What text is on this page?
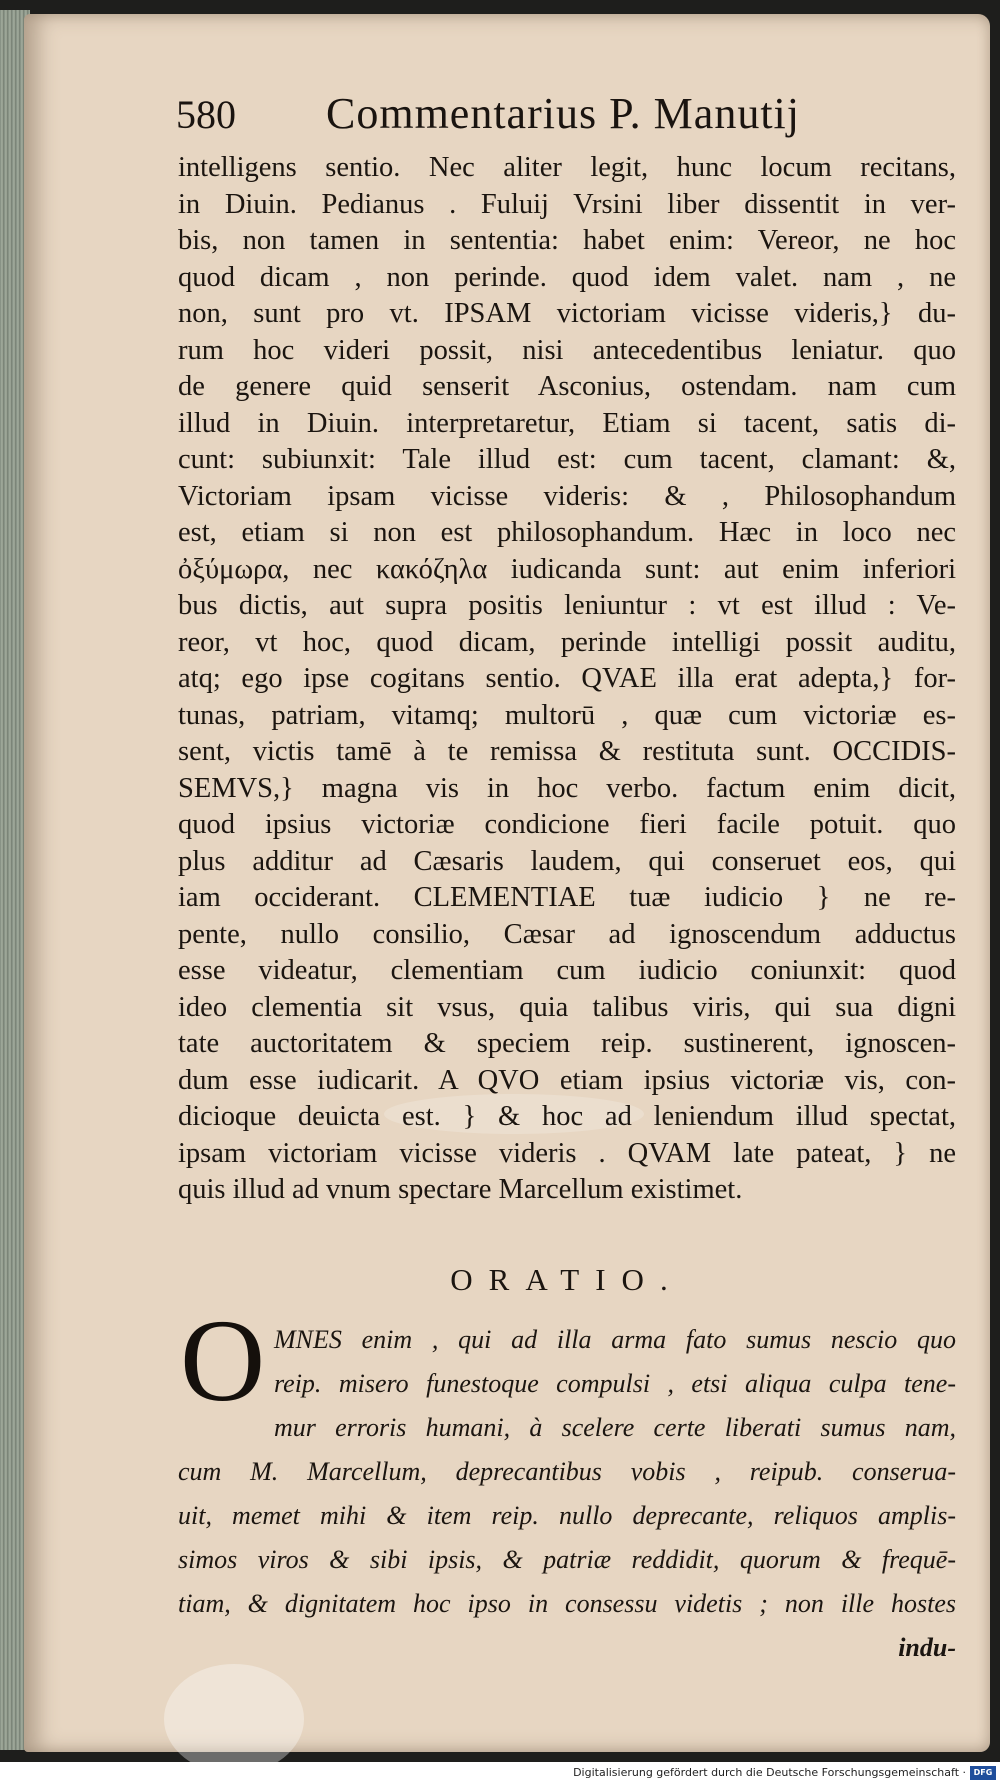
580	Commentarius P. Manutij
intelligens sentio. Nec aliter legit, hunc locum recitans,
in Diuin. Pedianus . Fuluij Vrsini liber dissentit in ver-
bis, non tamen in sententia: habet enim: Vereor, ne hoc
quod dicam , non perinde. quod idem valet. nam , ne
non, sunt pro vt. IPSAM victoriam vicisse videris,} du-
rum hoc videri possit, nisi antecedentibus leniatur. quo
de genere quid senserit Asconius, ostendam. nam cum
illud in Diuin. interpretaretur, Etiam si tacent, satis di-
cunt: subiunxit: Tale illud est: cum tacent, clamant: &,
Victoriam ipsam vicisse videris: & , Philosophandum
est, etiam si non est philosophandum. Hæc in loco nec
ὀξύμωρα, nec κακόζηλα iudicanda sunt: aut enim inferiori
bus dictis, aut supra positis leniuntur : vt est illud : Ve-
reor, vt hoc, quod dicam, perinde intelligi possit auditu,
atq; ego ipse cogitans sentio. QVAE illa erat adepta,} for-
tunas, patriam, vitamq; multorū , quæ cum victoriæ es-
sent, victis tamē à te remissa & restituta sunt. OCCIDIS-
SEMVS,} magna vis in hoc verbo. factum enim dicit,
quod ipsius victoriæ condicione fieri facile potuit. quo
plus additur ad Cæsaris laudem, qui conseruet eos, qui
iam occiderant. CLEMENTIAE tuæ iudicio } ne re-
pente, nullo consilio, Cæsar ad ignoscendum adductus
esse videatur, clementiam cum iudicio coniunxit: quod
ideo clementia sit vsus, quia talibus viris, qui sua digni
tate auctoritatem & speciem reip. sustinerent, ignoscen-
dum esse iudicarit. A QVO etiam ipsius victoriæ vis, con-
dicioque deuicta est. } & hoc ad leniendum illud spectat,
ipsam victoriam vicisse videris . QVAM late pateat, } ne
quis illud ad vnum spectare Marcellum existimet.
ORATIO.
O MNES enim , qui ad illa arma fato sumus nescio quo
reip. misero funestoque compulsi , etsi aliqua culpa tene-
mur erroris humani, à scelere certe liberati sumus nam,
cum M. Marcellum, deprecantibus vobis , reipub. conserua-
uit, memet mihi & item reip. nullo deprecante, reliquos amplis-
simos viros & sibi ipsis, & patriæ reddidit, quorum & frequē-
tiam, & dignitatem hoc ipso in consessu videtis ; non ille hostes
indu-
Digitalisierung gefördert durch die Deutsche Forschungsgemeinschaft · DFG
